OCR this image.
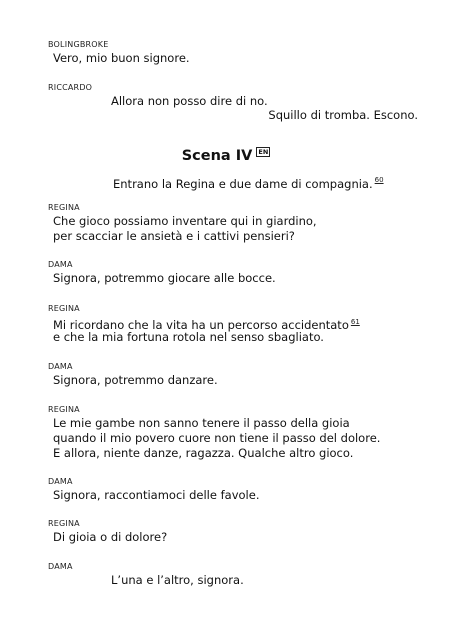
BOLINGBROKE
Vero, mio buon signore.
RICCARDO
Allora non posso dire di no.
Squillo di tromba. Escono.
Scena IV EN
Entrano la Regina e due dame di compagnia. $^{60}$
REGINA
Che gioco possiamo inventare qui in giardino,
per scacciar le ansietà e i cattivi pensieri?
DAMA
Signora, potremmo giocare alle bocce.
REGINA
Mi ricordano che la vita ha un percorso accidentato $^{61}$
e che la mia fortuna rotola nel senso sbagliato.
DAMA
Signora, potremmo danzare.
REGINA
Le mie gambe non sanno tenere il passo della gioia
quando il mio povero cuore non tiene il passo del dolore.
E allora, niente danze, ragazza. Qualche altro gioco.
DAMA
Signora, raccontiamoci delle favole.
REGINA
Di gioia o di dolore?
DAMA
L’una e l’altro, signora.
